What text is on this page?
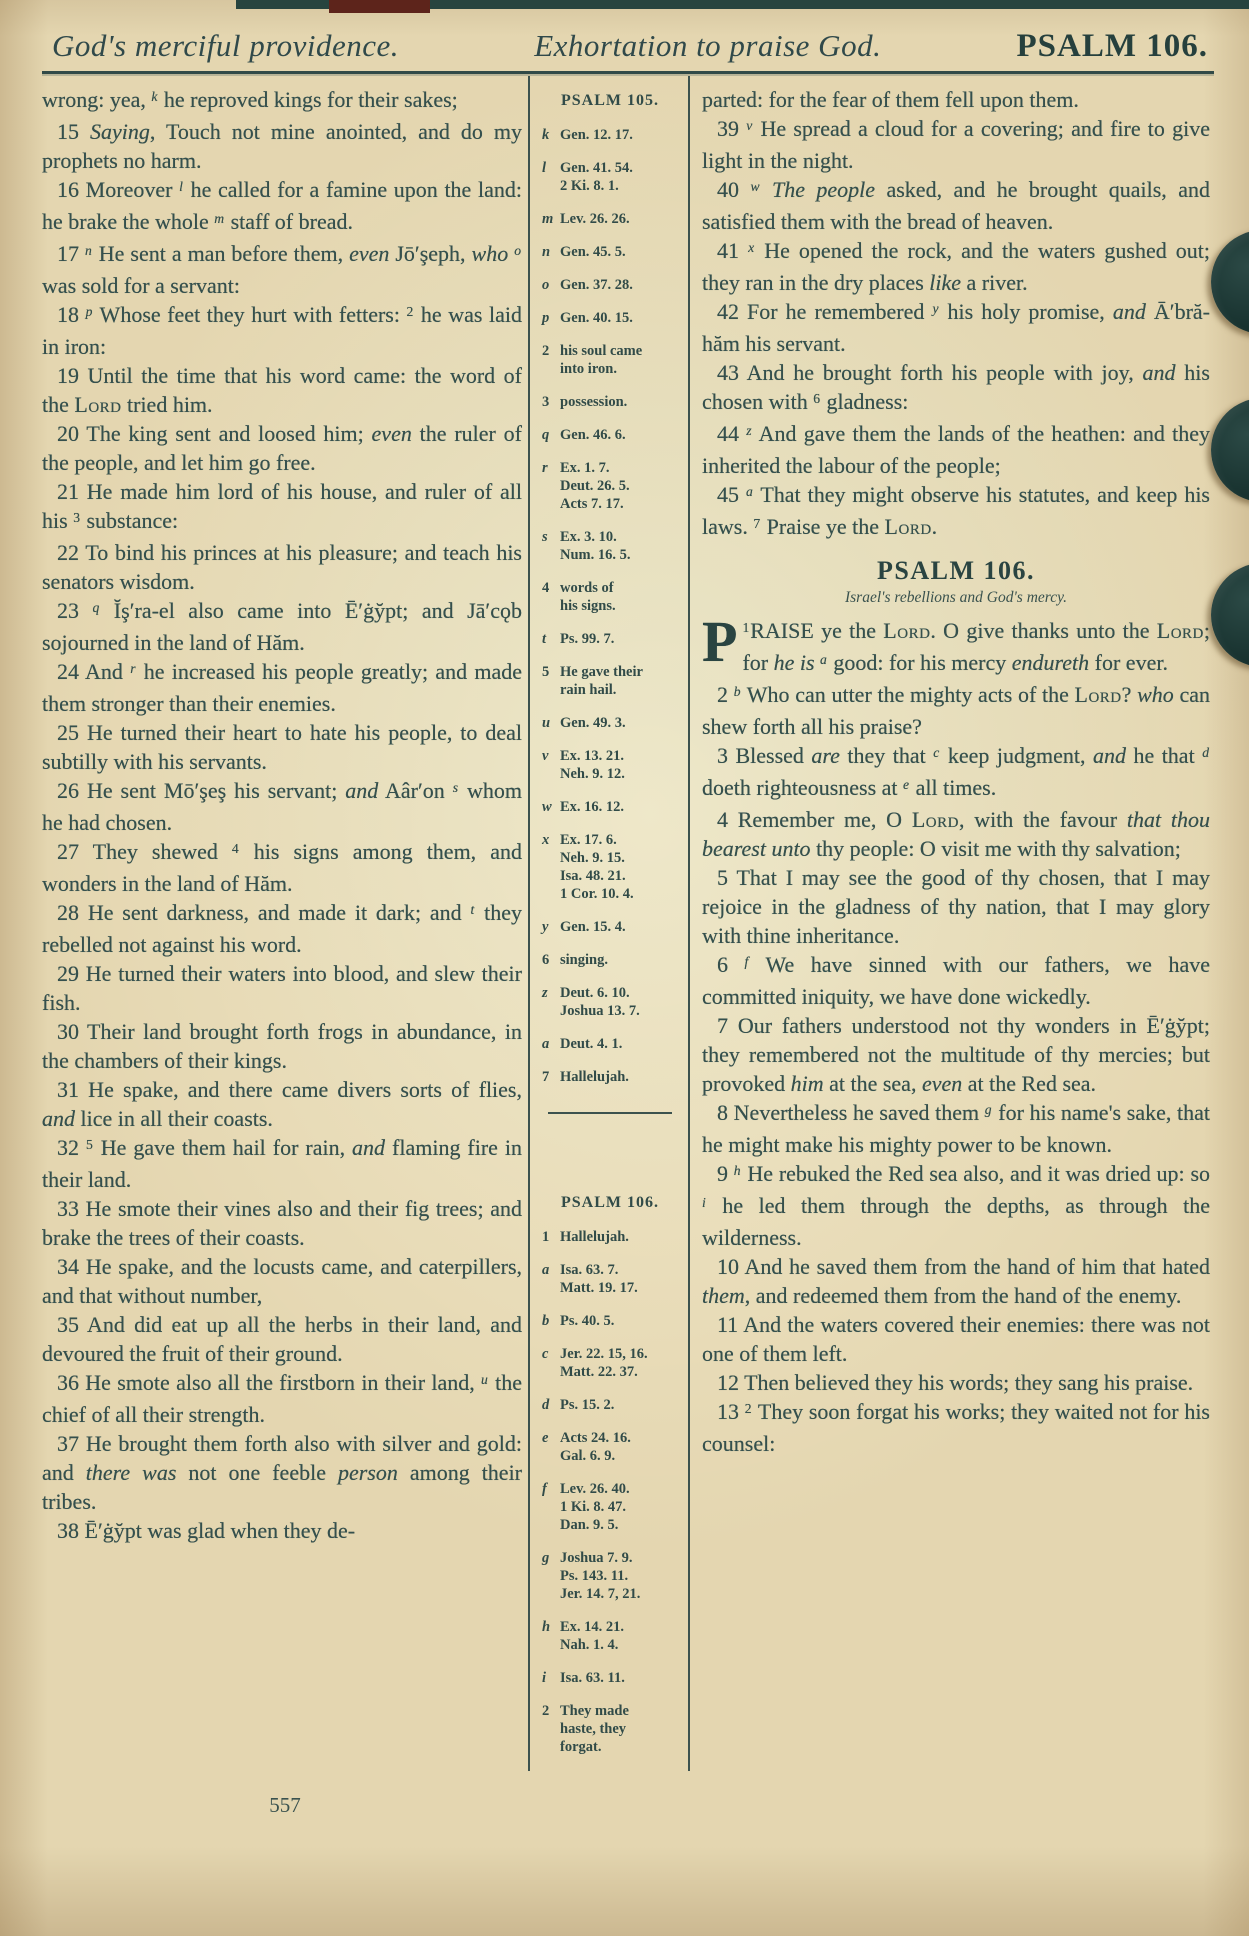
God's merciful providence.	Exhortation to praise God.	PSALM 106.

wrong: yea, $^k$ he reproved kings for their sakes;

15 Saying, Touch not mine anointed, and do my prophets no harm.

16 Moreover $^l$ he called for a famine upon the land: he brake the whole $^m$ staff of bread.

17 $^n$ He sent a man before them, even Jō′şeph, who $^o$ was sold for a servant:

18 $^p$ Whose feet they hurt with fetters: $^2$ he was laid in iron:

19 Until the time that his word came: the word of the Lord tried him.

20 The king sent and loosed him; even the ruler of the people, and let him go free.

21 He made him lord of his house, and ruler of all his $^3$ substance:

22 To bind his princes at his pleasure; and teach his senators wisdom.

23 $^q$ Ĭş′ra-el also came into Ē′ġy̆pt; and Jā′cǫb sojourned in the land of Hăm.

24 And $^r$ he increased his people greatly; and made them stronger than their enemies.

25 He turned their heart to hate his people, to deal subtilly with his servants.

26 He sent Mō′şeş his servant; and Aâr′on $^s$ whom he had chosen.

27 They shewed $^4$ his signs among them, and wonders in the land of Hăm.

28 He sent darkness, and made it dark; and $^t$ they rebelled not against his word.

29 He turned their waters into blood, and slew their fish.

30 Their land brought forth frogs in abundance, in the chambers of their kings.

31 He spake, and there came divers sorts of flies, and lice in all their coasts.

32 $^5$ He gave them hail for rain, and flaming fire in their land.

33 He smote their vines also and their fig trees; and brake the trees of their coasts.

34 He spake, and the locusts came, and caterpillers, and that without number,

35 And did eat up all the herbs in their land, and devoured the fruit of their ground.

36 He smote also all the firstborn in their land, $^u$ the chief of all their strength.

37 He brought them forth also with silver and gold: and there was not one feeble person among their tribes.

38 Ē′ġy̆pt was glad when they de-

PSALM 105.
k Gen. 12. 17.
l Gen. 41. 54.
2 Ki. 8. 1.
m Lev. 26. 26.
n Gen. 45. 5.
o Gen. 37. 28.
p Gen. 40. 15.
2 his soul came
into iron.
3 possession.
q Gen. 46. 6.
r Ex. 1. 7.
Deut. 26. 5.
Acts 7. 17.
s Ex. 3. 10.
Num. 16. 5.
4 words of
his signs.
t Ps. 99. 7.
5 He gave their
rain hail.
u Gen. 49. 3.
v Ex. 13. 21.
Neh. 9. 12.
w Ex. 16. 12.
x Ex. 17. 6.
Neh. 9. 15.
Isa. 48. 21.
1 Cor. 10. 4.
y Gen. 15. 4.
6 singing.
z Deut. 6. 10.
Joshua 13. 7.
a Deut. 4. 1.
7 Hallelujah.
PSALM 106.
1 Hallelujah.
a Isa. 63. 7.
Matt. 19. 17.
b Ps. 40. 5.
c Jer. 22. 15, 16.
Matt. 22. 37.
d Ps. 15. 2.
e Acts 24. 16.
Gal. 6. 9.
f Lev. 26. 40.
1 Ki. 8. 47.
Dan. 9. 5.
g Joshua 7. 9.
Ps. 143. 11.
Jer. 14. 7, 21.
h Ex. 14. 21.
Nah. 1. 4.
i Isa. 63. 11.
2 They made
haste, they
forgat.

parted: for the fear of them fell upon them.

39 $^v$ He spread a cloud for a covering; and fire to give light in the night.

40 $^w$ The people asked, and he brought quails, and satisfied them with the bread of heaven.

41 $^x$ He opened the rock, and the waters gushed out; they ran in the dry places like a river.

42 For he remembered $^y$ his holy promise, and Ā′bră-hăm his servant.

43 And he brought forth his people with joy, and his chosen with $^6$ gladness:

44 $^z$ And gave them the lands of the heathen: and they inherited the labour of the people;

45 $^a$ That they might observe his statutes, and keep his laws. $^7$ Praise ye the Lord.

PSALM 106.
Israel's rebellions and God's mercy.

$^1$
P RAISE ye the Lord. O give thanks unto the Lord; for he is $^a$ good: for his mercy endureth for ever.

2 $^b$ Who can utter the mighty acts of the Lord? who can shew forth all his praise?

3 Blessed are they that $^c$ keep judgment, and he that $^d$ doeth righteousness at $^e$ all times.

4 Remember me, O Lord, with the favour that thou bearest unto thy people: O visit me with thy salvation;

5 That I may see the good of thy chosen, that I may rejoice in the gladness of thy nation, that I may glory with thine inheritance.

6 $^f$ We have sinned with our fathers, we have committed iniquity, we have done wickedly.

7 Our fathers understood not thy wonders in Ē′ġy̆pt; they remembered not the multitude of thy mercies; but provoked him at the sea, even at the Red sea.

8 Nevertheless he saved them $^g$ for his name's sake, that he might make his mighty power to be known.

9 $^h$ He rebuked the Red sea also, and it was dried up: so $^i$ he led them through the depths, as through the wilderness.

10 And he saved them from the hand of him that hated them, and redeemed them from the hand of the enemy.

11 And the waters covered their enemies: there was not one of them left.

12 Then believed they his words; they sang his praise.

13 $^2$ They soon forgat his works; they waited not for his counsel:

557
